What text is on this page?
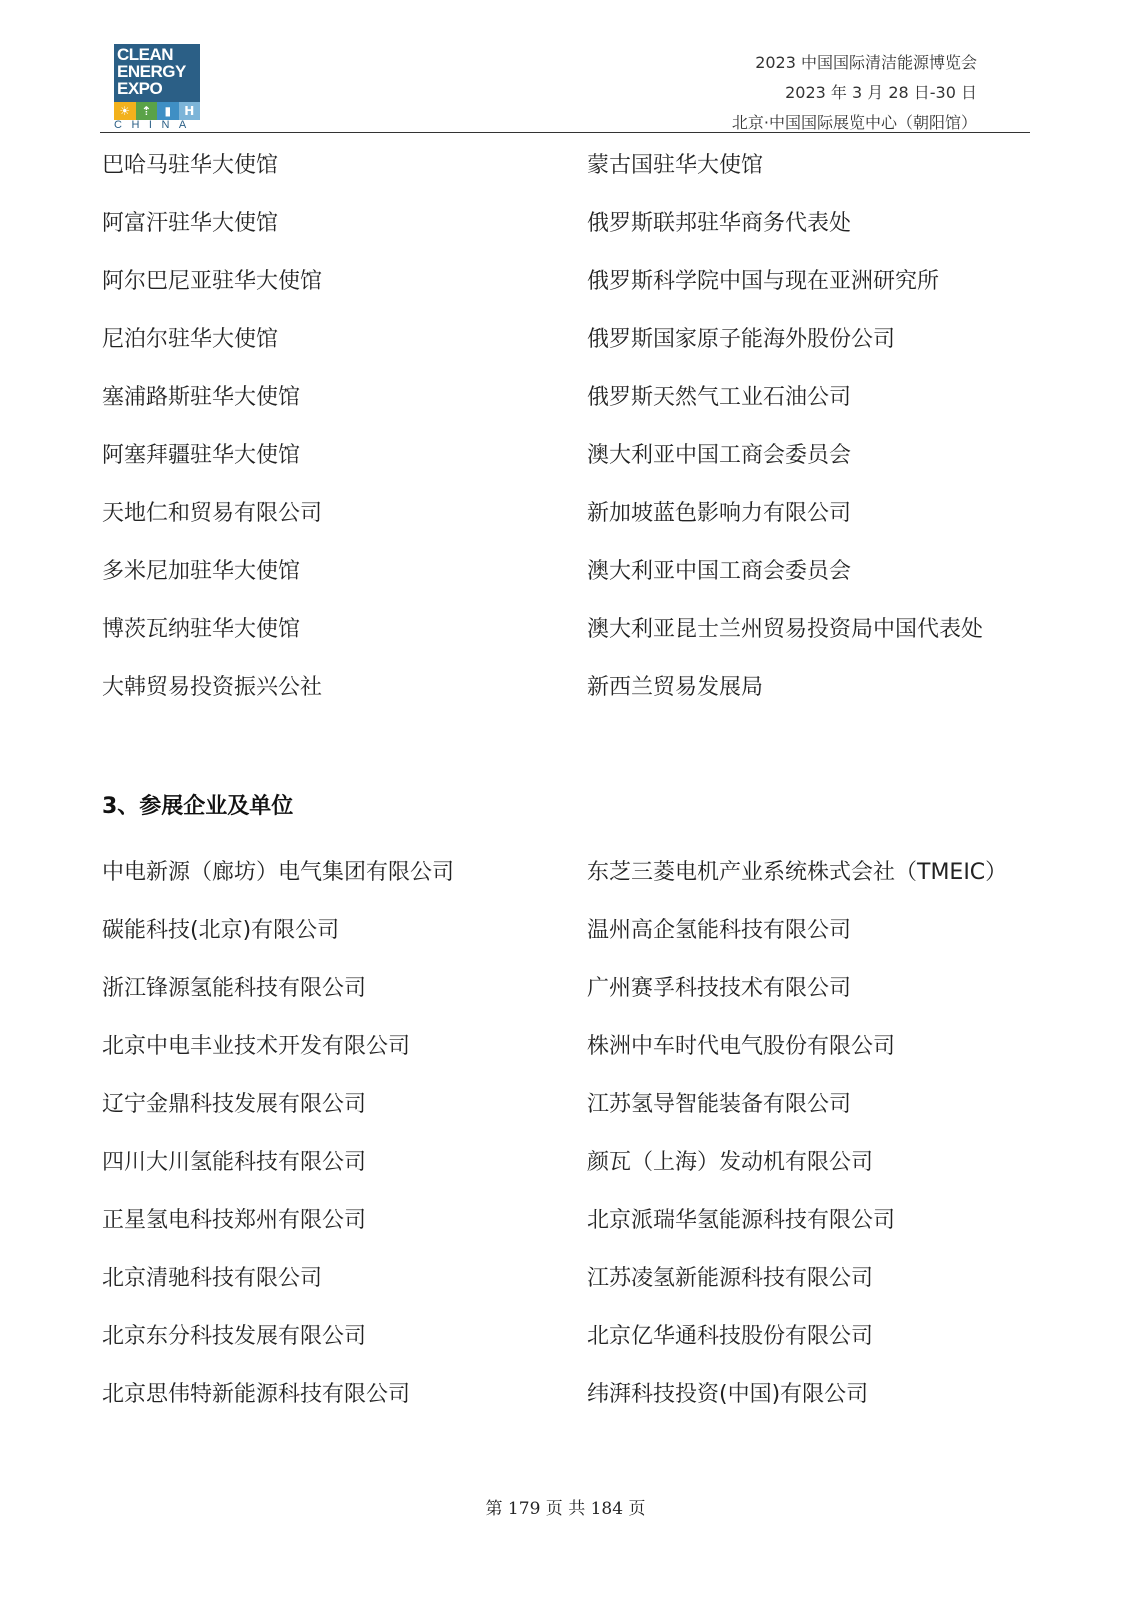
CLEAN
ENERGY
EXPO
☀ ⇡	▮	H
CHINA
2023 中国国际清洁能源博览会
2023 年 3 月 28 日-30 日
北京·中国国际展览中心（朝阳馆）
巴哈马驻华大使馆
阿富汗驻华大使馆
阿尔巴尼亚驻华大使馆
尼泊尔驻华大使馆
塞浦路斯驻华大使馆
阿塞拜疆驻华大使馆
天地仁和贸易有限公司
多米尼加驻华大使馆
博茨瓦纳驻华大使馆
大韩贸易投资振兴公社
蒙古国驻华大使馆
俄罗斯联邦驻华商务代表处
俄罗斯科学院中国与现在亚洲研究所
俄罗斯国家原子能海外股份公司
俄罗斯天然气工业石油公司
澳大利亚中国工商会委员会
新加坡蓝色影响力有限公司
澳大利亚中国工商会委员会
澳大利亚昆士兰州贸易投资局中国代表处
新西兰贸易发展局
3、参展企业及单位
中电新源（廊坊）电气集团有限公司
碳能科技(北京)有限公司
浙江锋源氢能科技有限公司
北京中电丰业技术开发有限公司
辽宁金鼎科技发展有限公司
四川大川氢能科技有限公司
正星氢电科技郑州有限公司
北京清驰科技有限公司
北京东分科技发展有限公司
北京思伟特新能源科技有限公司
东芝三菱电机产业系统株式会社（TMEIC）
温州高企氢能科技有限公司
广州赛孚科技技术有限公司
株洲中车时代电气股份有限公司
江苏氢导智能装备有限公司
颜瓦（上海）发动机有限公司
北京派瑞华氢能源科技有限公司
江苏凌氢新能源科技有限公司
北京亿华通科技股份有限公司
纬湃科技投资(中国)有限公司
第 179 页 共 184 页
